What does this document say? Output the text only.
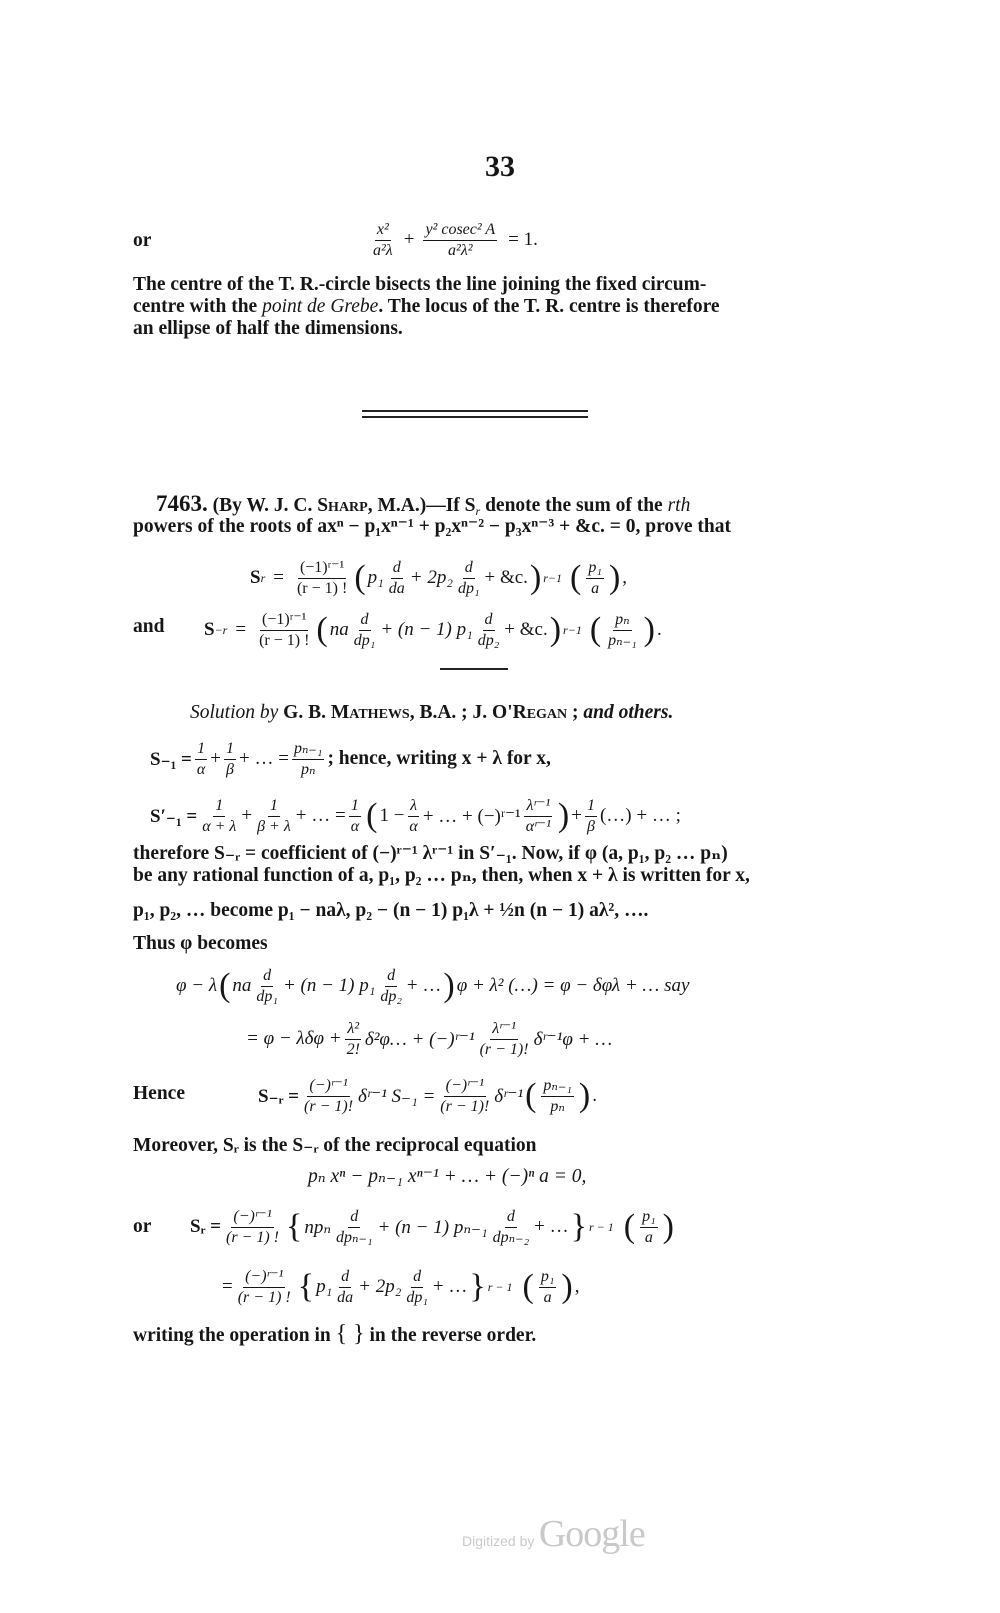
33
or	$\frac{\text{x²}}{\text{a²λ}} + \frac{\text{y² cosec² A}}{\text{a²λ²}} = 1$.
The centre of the T. R.-circle bisects the line joining the fixed circum-
centre with the point de Grebe. The locus of the T. R. centre is therefore
an ellipse of half the dimensions.
7463. (By W. J. C. Sharp, M.A.)—If $S_r$ denote the sum of the rth
powers of the roots of axⁿ − p₁xⁿ⁻¹ + p₂xⁿ⁻² − p₃xⁿ⁻³ + &c. = 0, prove that
S $r = \frac{\text{(−1)ʳ⁻¹}}{(r - 1) !}$ ( $p_1 \frac{d}{da} + 2p_2 \frac{d}{\text{dp₁}}$ + &c. ) r−1 ( $\frac{\text{p₁}}{a}$ ) ,
and $S -r = \frac{\text{(−1)ʳ⁻¹}}{(r - 1) !}$ ( na $\frac{d}{\text{dp₁}} + (n - 1)$ $p_1 \frac{d}{\text{dp₂}}$ + &c. ) r−1 ( $\frac{\text{pₙ}}{\text{pₙ₋₁}}$ ) .
Solution by G. B. Mathews, B.A. ; J. O'Regan ; and others.
$S_{-1} = \frac{1}{\alpha} + \frac{1}{\beta}$ + … = $\frac{\text{pₙ₋₁}}{\text{pₙ}}$ ; hence, writing x + λ for x,
$S'_{-1} = \frac{1}{\alpha + \lambda} + \frac{1}{\beta + \lambda}$ + … = $\frac{1}{\alpha}$ ( $1 - \frac{\lambda}{\alpha}$ + … + (−)ʳ⁻¹ $\frac{\text{λʳ⁻¹}}{\text{αʳ⁻¹}}$ ) + $\frac{1}{\beta}$ (…) + … ;
therefore S₋ᵣ = coefficient of (−)ʳ⁻¹ λʳ⁻¹ in S′₋₁. Now, if φ (a, p₁, p₂ … pₙ)
be any rational function of a, p₁, p₂ … pₙ, then, when x + λ is written for x,
p₁, p₂, … become p₁ − naλ, p₂ − (n − 1) p₁λ + ½n (n − 1) aλ², ….
Thus φ becomes
φ − λ ( na $\frac{d}{\text{dp₁}} + (n - 1)$ $p_1 \frac{d}{\text{dp₂}}$ + … ) φ + λ² (…) = φ − δφλ + … say
= $\varphi - \lambda\delta\varphi + \frac{\text{λ²}}{2!}$ δ²φ… + (−)ʳ⁻¹ $\frac{\text{λʳ⁻¹}}{(r - 1)!}$ δʳ⁻¹φ + …
Hence	S₋ᵣ = $\frac{\text{(−)ʳ⁻¹}}{(r - 1)!}$ δʳ⁻¹ $S_{-1} = \frac{\text{(−)ʳ⁻¹}}{(r - 1)!}$ δʳ⁻¹ ( $\frac{\text{pₙ₋₁}}{\text{pₙ}}$ ) .
Moreover, Sᵣ is the S₋ᵣ of the reciprocal equation
pₙ xⁿ − pₙ₋₁ xⁿ⁻¹ + … + (−)ⁿ a = 0,
or Sᵣ = $\frac{\text{(−)ʳ⁻¹}}{(r - 1) !}$ { npₙ $\frac{d}{\text{dpₙ₋₁}} + (n - 1)$ $p_{n-1} \frac{d}{\text{dpₙ₋₂}}$ + … } r − 1 ( $\frac{\text{p₁}}{a}$ )
= $\frac{\text{(−)ʳ⁻¹}}{(r - 1) !}$ { $p_1 \frac{d}{da} + 2p_2 \frac{d}{\text{dp₁}}$ + … } r − 1 ( $\frac{\text{p₁}}{a}$ ) ,
writing the operation in { } in the reverse order.
Digitized by Google
